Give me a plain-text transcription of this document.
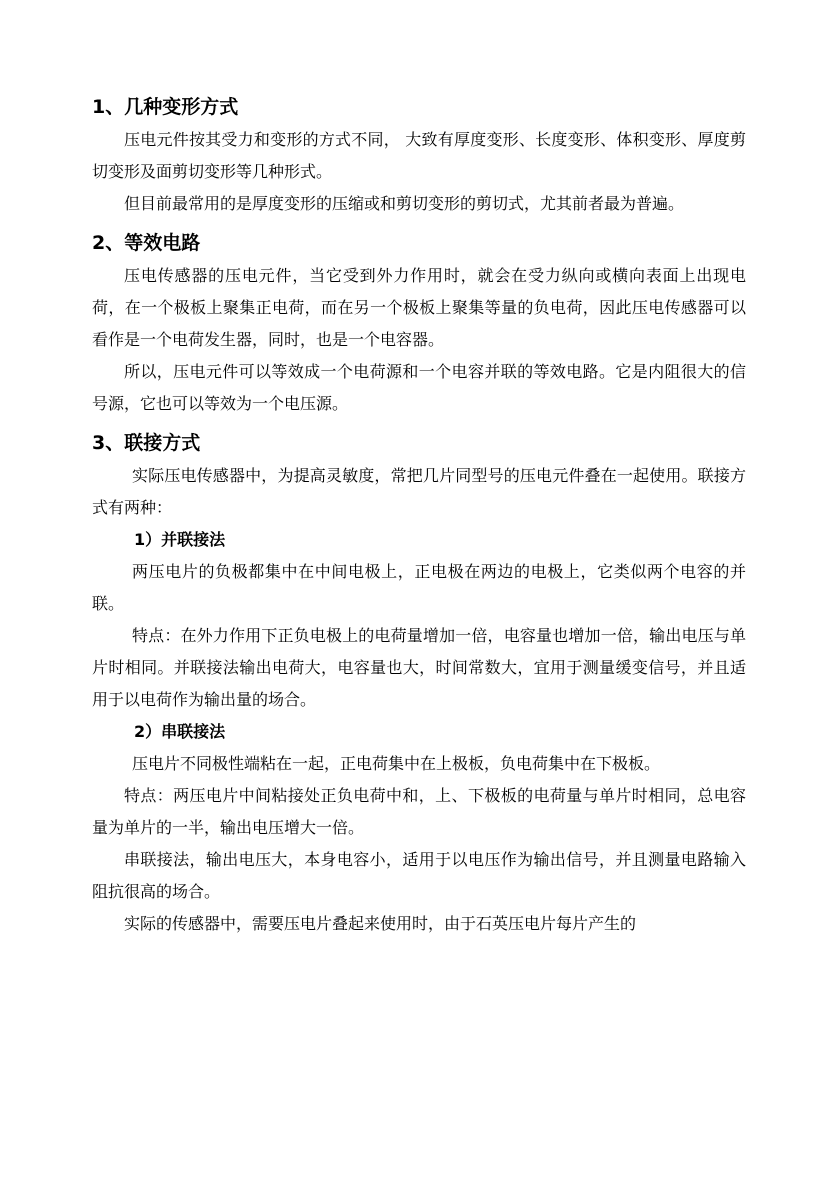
1、几种变形方式

压电元件按其受力和变形的方式不同， 大致有厚度变形、长度变形、体积变形、厚度剪切变形及面剪切变形等几种形式。

但目前最常用的是厚度变形的压缩或和剪切变形的剪切式，尤其前者最为普遍。

2、等效电路

压电传感器的压电元件，当它受到外力作用时，就会在受力纵向或横向表面上出现电荷，在一个极板上聚集正电荷，而在另一个极板上聚集等量的负电荷，因此压电传感器可以看作是一个电荷发生器，同时，也是一个电容器。

所以，压电元件可以等效成一个电荷源和一个电容并联的等效电路。它是内阻很大的信号源，它也可以等效为一个电压源。

3、联接方式

实际压电传感器中，为提高灵敏度，常把几片同型号的压电元件叠在一起使用。联接方式有两种：

1）并联接法

两压电片的负极都集中在中间电极上，正电极在两边的电极上，它类似两个电容的并联。

特点：在外力作用下正负电极上的电荷量增加一倍，电容量也增加一倍，输出电压与单片时相同。并联接法输出电荷大，电容量也大，时间常数大，宜用于测量缓变信号，并且适用于以电荷作为输出量的场合。

2）串联接法

压电片不同极性端粘在一起，正电荷集中在上极板，负电荷集中在下极板。

特点：两压电片中间粘接处正负电荷中和，上、下极板的电荷量与单片时相同，总电容量为单片的一半，输出电压增大一倍。

串联接法，输出电压大，本身电容小，适用于以电压作为输出信号，并且测量电路输入阻抗很高的场合。

实际的传感器中，需要压电片叠起来使用时，由于石英压电片每片产生的
